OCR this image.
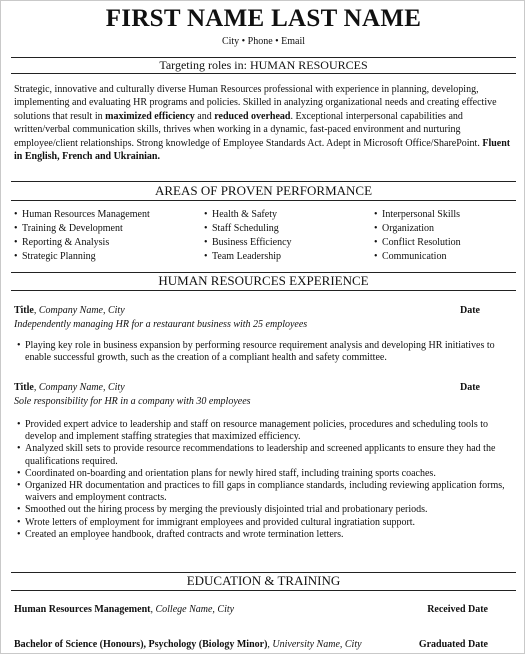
FIRST NAME LAST NAME
City • Phone • Email
Targeting roles in: HUMAN RESOURCES
Strategic, innovative and culturally diverse Human Resources professional with experience in planning, developing, implementing and evaluating HR programs and policies. Skilled in analyzing organizational needs and creating effective solutions that result in maximized efficiency and reduced overhead. Exceptional interpersonal capabilities and written/verbal communication skills, thrives when working in a dynamic, fast-paced environment and nurturing employee/client relationships. Strong knowledge of Employee Standards Act. Adept in Microsoft Office/SharePoint. Fluent in English, French and Ukrainian.
AREAS OF PROVEN PERFORMANCE
• Human Resources Management
• Training & Development
• Reporting & Analysis
• Strategic Planning
• Health & Safety
• Staff Scheduling
• Business Efficiency
• Team Leadership
• Interpersonal Skills
• Organization
• Conflict Resolution
• Communication
HUMAN RESOURCES EXPERIENCE
Title, Company Name, City	Date
Independently managing HR for a restaurant business with 25 employees
• Playing key role in business expansion by performing resource requirement analysis and developing HR initiatives to enable successful growth, such as the creation of a compliant health and safety committee.
Title, Company Name, City	Date
Sole responsibility for HR in a company with 30 employees
• Provided expert advice to leadership and staff on resource management policies, procedures and scheduling tools to develop and implement staffing strategies that maximized efficiency.
• Analyzed skill sets to provide resource recommendations to leadership and screened applicants to ensure they had the qualifications required.
• Coordinated on-boarding and orientation plans for newly hired staff, including training sports coaches.
• Organized HR documentation and practices to fill gaps in compliance standards, including reviewing application forms, waivers and employment contracts.
• Smoothed out the hiring process by merging the previously disjointed trial and probationary periods.
• Wrote letters of employment for immigrant employees and provided cultural ingratiation support.
• Created an employee handbook, drafted contracts and wrote termination letters.
EDUCATION & TRAINING
Human Resources Management, College Name, City	Received Date
Bachelor of Science (Honours), Psychology (Biology Minor), University Name, City	Graduated Date
